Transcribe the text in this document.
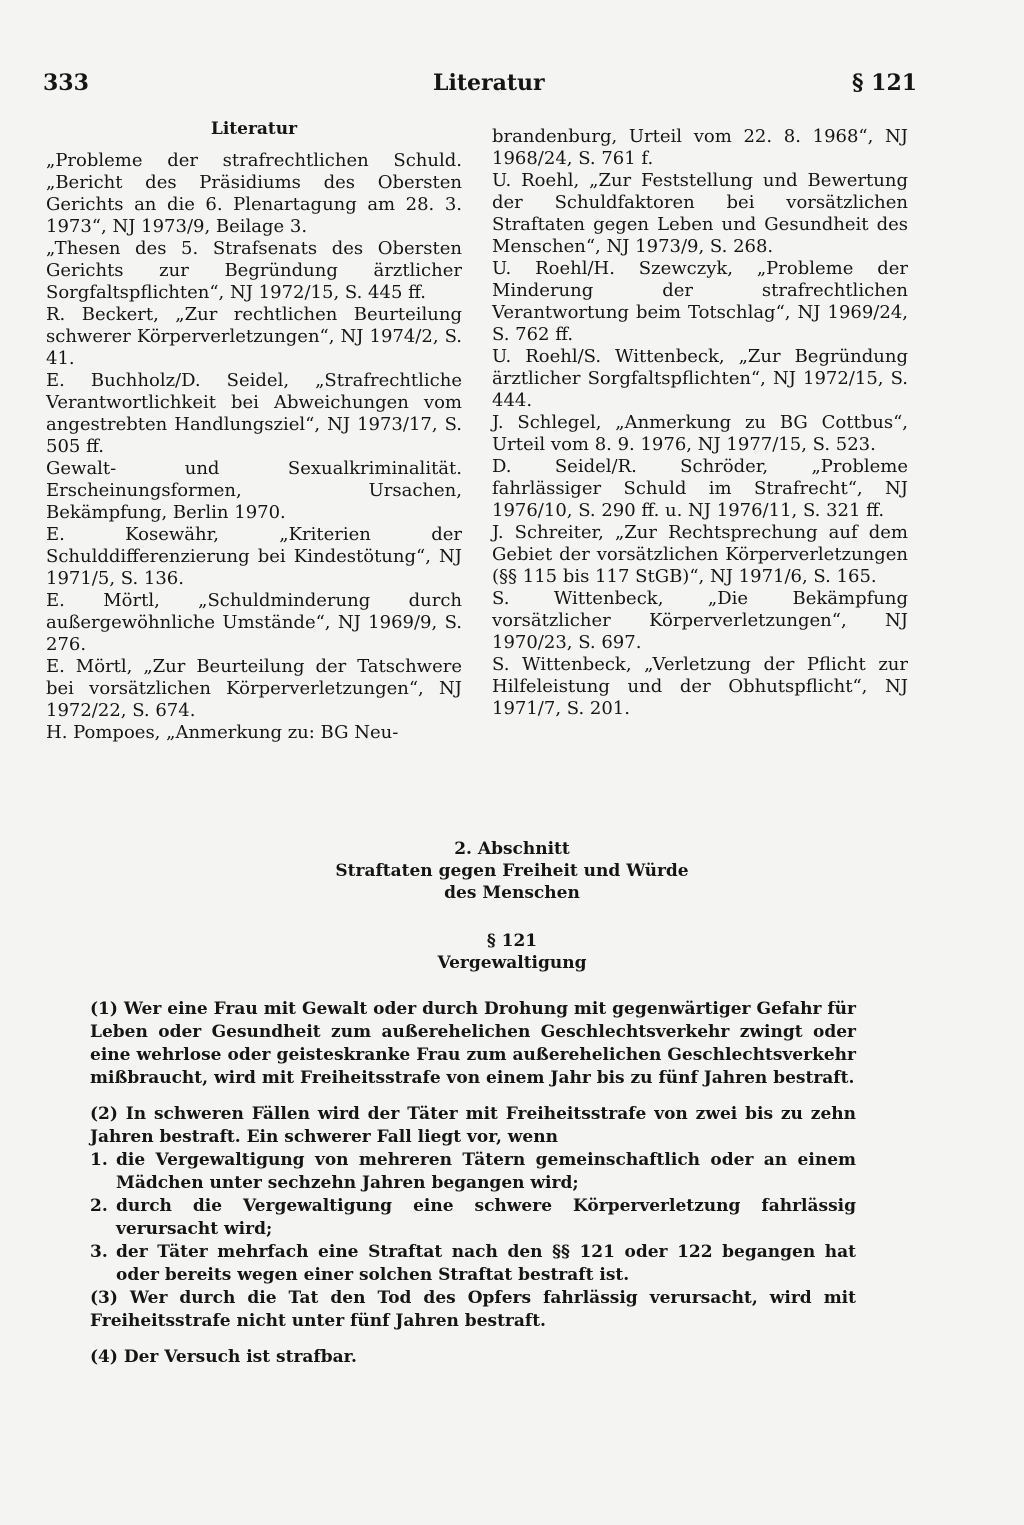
333	Literatur	§ 121
Literatur
„Probleme der strafrechtlichen Schuld. „Bericht des Präsidiums des Obersten Gerichts an die 6. Plenartagung am 28. 3. 1973“, NJ 1973/9, Beilage 3.
„Thesen des 5. Strafsenats des Obersten Gerichts zur Begründung ärztlicher Sorgfaltspflichten“, NJ 1972/15, S. 445 ff.
R. Beckert, „Zur rechtlichen Beurteilung schwerer Körperverletzungen“, NJ 1974/2, S. 41.
E. Buchholz/D. Seidel, „Strafrechtliche Verantwortlichkeit bei Abweichungen vom angestrebten Handlungsziel“, NJ 1973/17, S. 505 ff.
Gewalt- und Sexualkriminalität. Erscheinungsformen, Ursachen, Bekämpfung, Berlin 1970.
E. Kosewähr, „Kriterien der Schulddifferenzierung bei Kindestötung“, NJ 1971/5, S. 136.
E. Mörtl, „Schuldminderung durch außergewöhnliche Umstände“, NJ 1969/9, S. 276.
E. Mörtl, „Zur Beurteilung der Tatschwere bei vorsätzlichen Körperverletzungen“, NJ 1972/22, S. 674.
H. Pompoes, „Anmerkung zu: BG Neu-
brandenburg, Urteil vom 22. 8. 1968“, NJ 1968/24, S. 761 f.
U. Roehl, „Zur Feststellung und Bewertung der Schuldfaktoren bei vorsätzlichen Straftaten gegen Leben und Gesundheit des Menschen“, NJ 1973/9, S. 268.
U. Roehl/H. Szewczyk, „Probleme der Minderung der strafrechtlichen Verantwortung beim Totschlag“, NJ 1969/24, S. 762 ff.
U. Roehl/S. Wittenbeck, „Zur Begründung ärztlicher Sorgfaltspflichten“, NJ 1972/15, S. 444.
J. Schlegel, „Anmerkung zu BG Cottbus“, Urteil vom 8. 9. 1976, NJ 1977/15, S. 523.
D. Seidel/R. Schröder, „Probleme fahrlässiger Schuld im Strafrecht“, NJ 1976/10, S. 290 ff. u. NJ 1976/11, S. 321 ff.
J. Schreiter, „Zur Rechtsprechung auf dem Gebiet der vorsätzlichen Körperverletzungen (§§ 115 bis 117 StGB)“, NJ 1971/6, S. 165.
S. Wittenbeck, „Die Bekämpfung vorsätzlicher Körperverletzungen“, NJ 1970/23, S. 697.
S. Wittenbeck, „Verletzung der Pflicht zur Hilfeleistung und der Obhutspflicht“, NJ 1971/7, S. 201.
2. Abschnitt
Straftaten gegen Freiheit und Würde
des Menschen
§ 121
Vergewaltigung

(1) Wer eine Frau mit Gewalt oder durch Drohung mit gegenwärtiger Gefahr für Leben oder Gesundheit zum außerehelichen Geschlechtsverkehr zwingt oder eine wehrlose oder geisteskranke Frau zum außerehelichen Geschlechtsverkehr mißbraucht, wird mit Freiheitsstrafe von einem Jahr bis zu fünf Jahren bestraft.

(2) In schweren Fällen wird der Täter mit Freiheitsstrafe von zwei bis zu zehn Jahren bestraft. Ein schwerer Fall liegt vor, wenn

1. die Vergewaltigung von mehreren Tätern gemeinschaftlich oder an einem Mädchen unter sechzehn Jahren begangen wird;
2. durch die Vergewaltigung eine schwere Körperverletzung fahrlässig verursacht wird;
3. der Täter mehrfach eine Straftat nach den §§ 121 oder 122 begangen hat oder bereits wegen einer solchen Straftat bestraft ist.

(3) Wer durch die Tat den Tod des Opfers fahrlässig verursacht, wird mit Freiheitsstrafe nicht unter fünf Jahren bestraft.

(4) Der Versuch ist strafbar.
